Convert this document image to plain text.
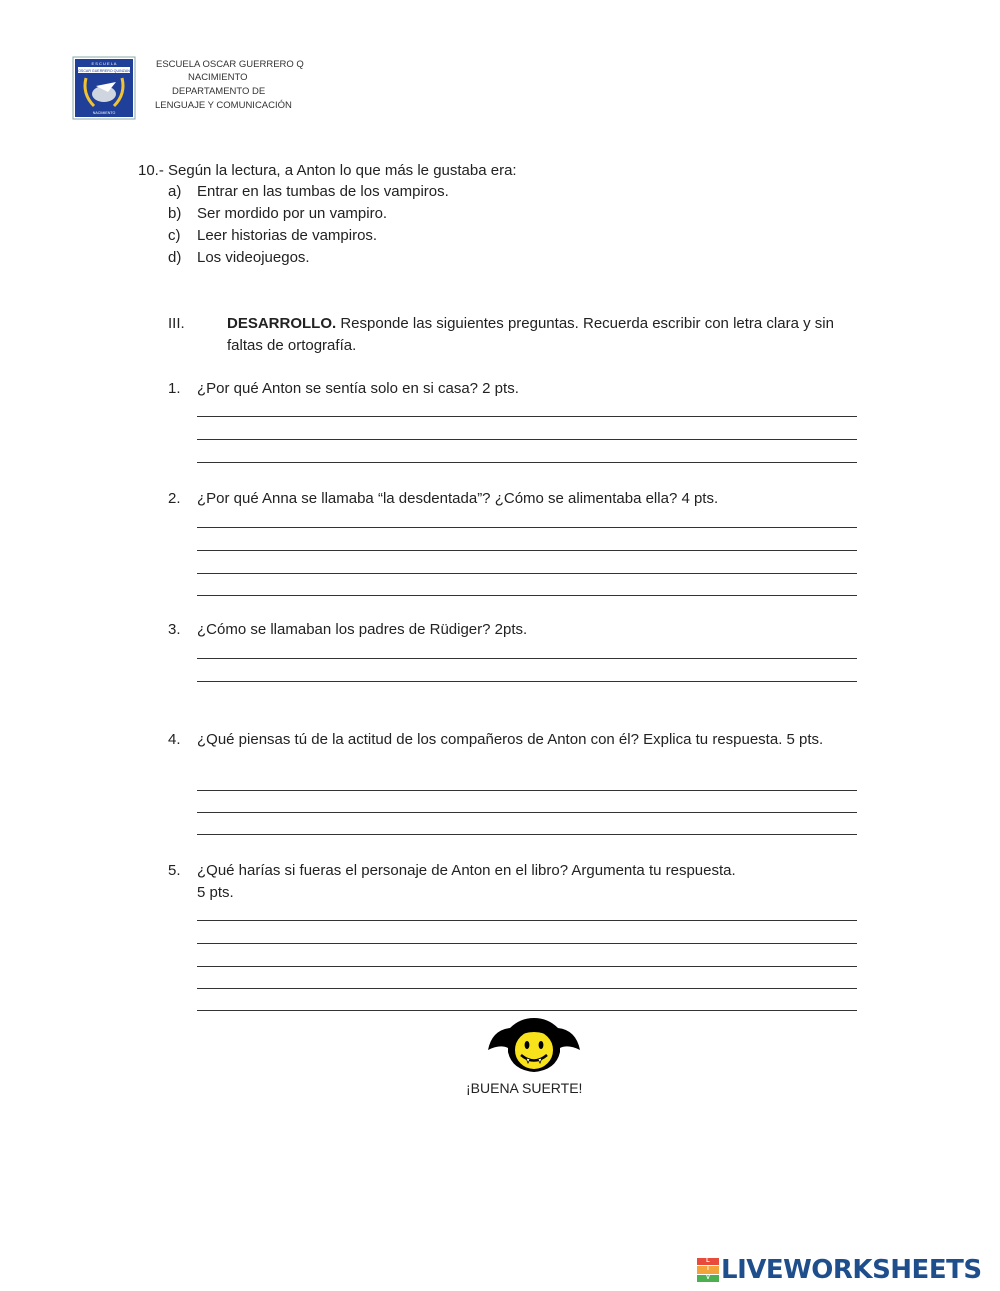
E S C U E L A
OSCAR GUERRERO QUINZAN
NACIMIENTO
ESCUELA OSCAR GUERRERO Q
NACIMIENTO
DEPARTAMENTO DE
LENGUAJE Y COMUNICACIÓN
10.- Según la lectura, a Anton lo que más le gustaba era:
a) Entrar en las tumbas de los vampiros.
b) Ser mordido por un vampiro.
c) Leer historias de vampiros.
d) Los videojuegos.
III.	DESARROLLO. Responde las siguientes preguntas. Recuerda escribir con letra clara y sin faltas de ortografía.
1. ¿Por qué Anton se sentía solo en si casa? 2 pts.
2. ¿Por qué Anna se llamaba “la desdentada”? ¿Cómo se alimentaba ella? 4 pts.
3. ¿Cómo se llamaban los padres de Rüdiger? 2pts.
4. ¿Qué piensas tú de la actitud de los compañeros de Anton con él? Explica tu respuesta. 5 pts.
5. ¿Qué harías si fueras el personaje de Anton en el libro? Argumenta tu respuesta.
5 pts.
¡BUENA SUERTE!
L
I
V LIVEWORKSHEETS
